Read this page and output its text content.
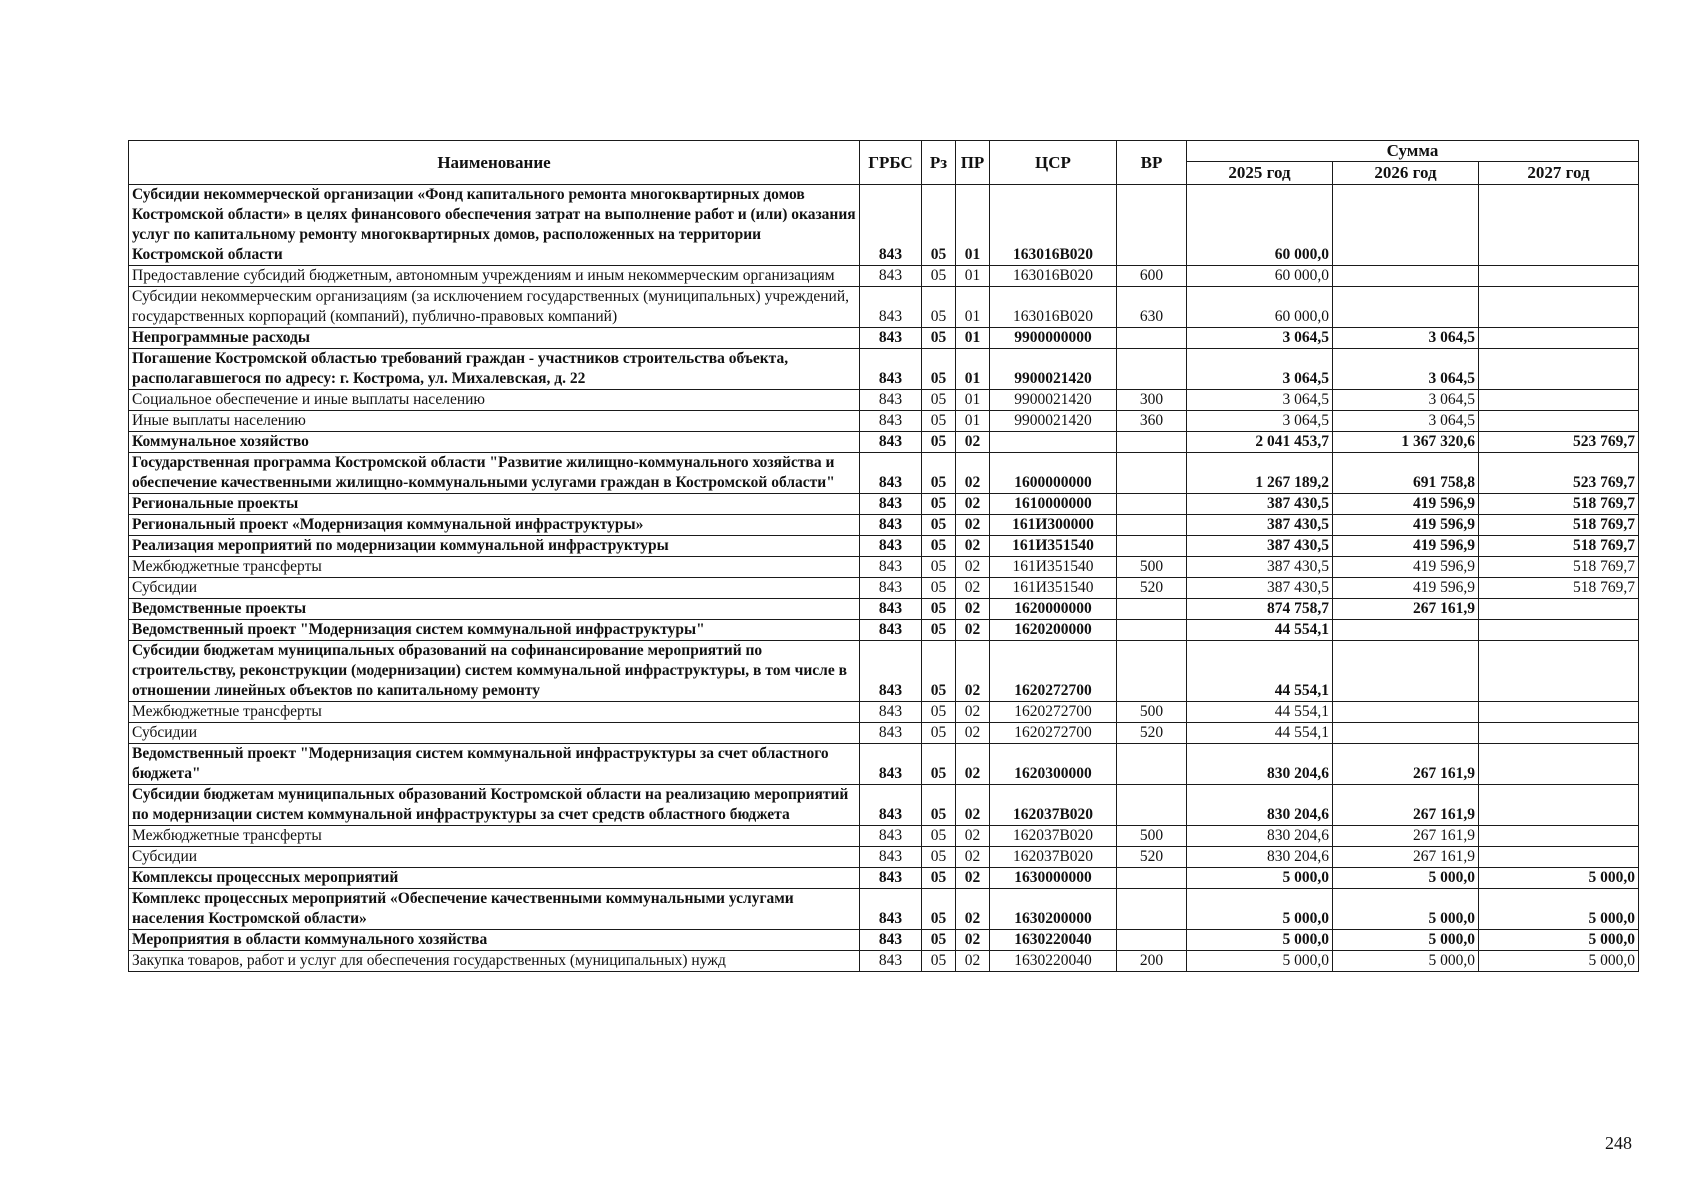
Наименование	ГРБС	Рз	ПР	ЦСР	ВР	Сумма		
						2025 год	2026 год	2027 год
Субсидии некоммерческой организации «Фонд капитального ремонта многоквартирных домов Костромской области» в целях финансового обеспечения затрат на выполнение работ и (или) оказания услуг по капитальному ремонту многоквартирных домов, расположенных на территории Костромской области	843	05	01	163016В020		60 000,0		
Предоставление субсидий бюджетным, автономным учреждениям и иным некоммерческим организациям	843	05	01	163016В020	600	60 000,0		
Субсидии некоммерческим организациям (за исключением государственных (муниципальных) учреждений, государственных корпораций (компаний), публично-правовых компаний)	843	05	01	163016В020	630	60 000,0		
Непрограммные расходы	843	05	01	9900000000		3 064,5	3 064,5	
Погашение Костромской областью требований граждан - участников строительства объекта, располагавшегося по адресу: г. Кострома, ул. Михалевская, д. 22	843	05	01	9900021420		3 064,5	3 064,5	
Социальное обеспечение и иные выплаты населению	843	05	01	9900021420	300	3 064,5	3 064,5	
Иные выплаты населению	843	05	01	9900021420	360	3 064,5	3 064,5	
Коммунальное хозяйство	843	05	02			2 041 453,7	1 367 320,6	523 769,7
Государственная программа Костромской области "Развитие жилищно-коммунального хозяйства и обеспечение качественными жилищно-коммунальными услугами граждан в Костромской области"	843	05	02	1600000000		1 267 189,2	691 758,8	523 769,7
Региональные проекты	843	05	02	1610000000		387 430,5	419 596,9	518 769,7
Региональный проект «Модернизация коммунальной инфраструктуры»	843	05	02	161И300000		387 430,5	419 596,9	518 769,7
Реализация мероприятий по модернизации коммунальной инфраструктуры	843	05	02	161И351540		387 430,5	419 596,9	518 769,7
Межбюджетные трансферты	843	05	02	161И351540	500	387 430,5	419 596,9	518 769,7
Субсидии	843	05	02	161И351540	520	387 430,5	419 596,9	518 769,7
Ведомственные проекты	843	05	02	1620000000		874 758,7	267 161,9	
Ведомственный проект "Модернизация систем коммунальной инфраструктуры"	843	05	02	1620200000		44 554,1		
Субсидии бюджетам муниципальных образований на софинансирование мероприятий по строительству, реконструкции (модернизации) систем коммунальной инфраструктуры, в том числе в отношении линейных объектов по капитальному ремонту	843	05	02	1620272700		44 554,1		
Межбюджетные трансферты	843	05	02	1620272700	500	44 554,1		
Субсидии	843	05	02	1620272700	520	44 554,1		
Ведомственный проект "Модернизация систем коммунальной инфраструктуры за счет областного бюджета"	843	05	02	1620300000		830 204,6	267 161,9	
Субсидии бюджетам муниципальных образований Костромской области на реализацию мероприятий по модернизации систем коммунальной инфраструктуры за счет средств областного бюджета	843	05	02	162037В020		830 204,6	267 161,9	
Межбюджетные трансферты	843	05	02	162037В020	500	830 204,6	267 161,9	
Субсидии	843	05	02	162037В020	520	830 204,6	267 161,9	
Комплексы процессных мероприятий	843	05	02	1630000000		5 000,0	5 000,0	5 000,0
Комплекс процессных мероприятий «Обеспечение качественными коммунальными услугами населения Костромской области»	843	05	02	1630200000		5 000,0	5 000,0	5 000,0
Мероприятия в области коммунального хозяйства	843	05	02	1630220040		5 000,0	5 000,0	5 000,0
Закупка товаров, работ и услуг для обеспечения государственных (муниципальных) нужд	843	05	02	1630220040	200	5 000,0	5 000,0	5 000,0
248
